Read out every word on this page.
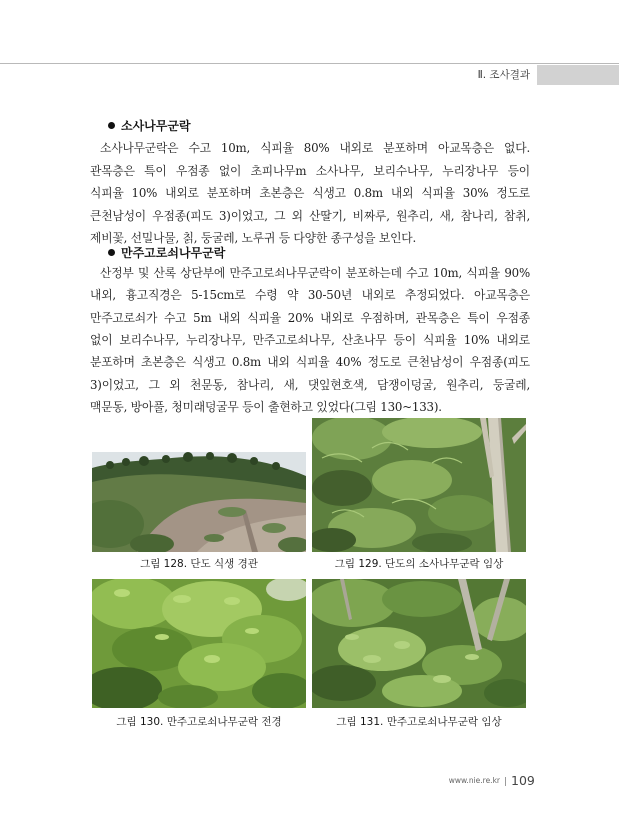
Ⅱ. 조사결과
소사나무군락
소사나무군락은 수고 10m, 식피율 80% 내외로 분포하며 아교목층은 없다.
관목층은 특이 우점종 없이 초피나무m 소사나무, 보리수나무, 누리장나무 등이
식피율 10% 내외로 분포하며 초본층은 식생고 0.8m 내외 식피율 30% 정도로
큰천남성이 우점종(피도 3)이었고, 그 외 산딸기, 비짜루, 원추리, 새, 참나리, 참취,
제비꽃, 선밀나물, 칡, 둥굴레, 노루귀 등 다양한 종구성을 보인다.
만주고로쇠나무군락
산정부 및 산록 상단부에 만주고로쇠나무군락이 분포하는데 수고 10m, 식피율 90%
내외, 흉고직경은 5-15cm로 수령 약 30-50년 내외로 추정되었다. 아교목층은
만주고로쇠가 수고 5m 내외 식피율 20% 내외로 우점하며, 관목층은 특이 우점종
없이 보리수나무, 누리장나무, 만주고로쇠나무, 산초나무 등이 식피율 10% 내외로
분포하며 초본층은 식생고 0.8m 내외 식피율 40% 정도로 큰천남성이 우점종(피도
3)이었고, 그 외 천문동, 참나리, 새, 댓잎현호색, 담쟁이덩굴, 원추리, 둥굴레,
맥문동, 방아풀, 청미래덩굴무 등이 출현하고 있었다(그림 130~133).
그림 128. 단도 식생 경관	그림 129. 단도의 소사나무군락 임상
그림 130. 만주고로쇠나무군락 전경	그림 131. 만주고로쇠나무군락 임상
www.nie.re.kr 109
